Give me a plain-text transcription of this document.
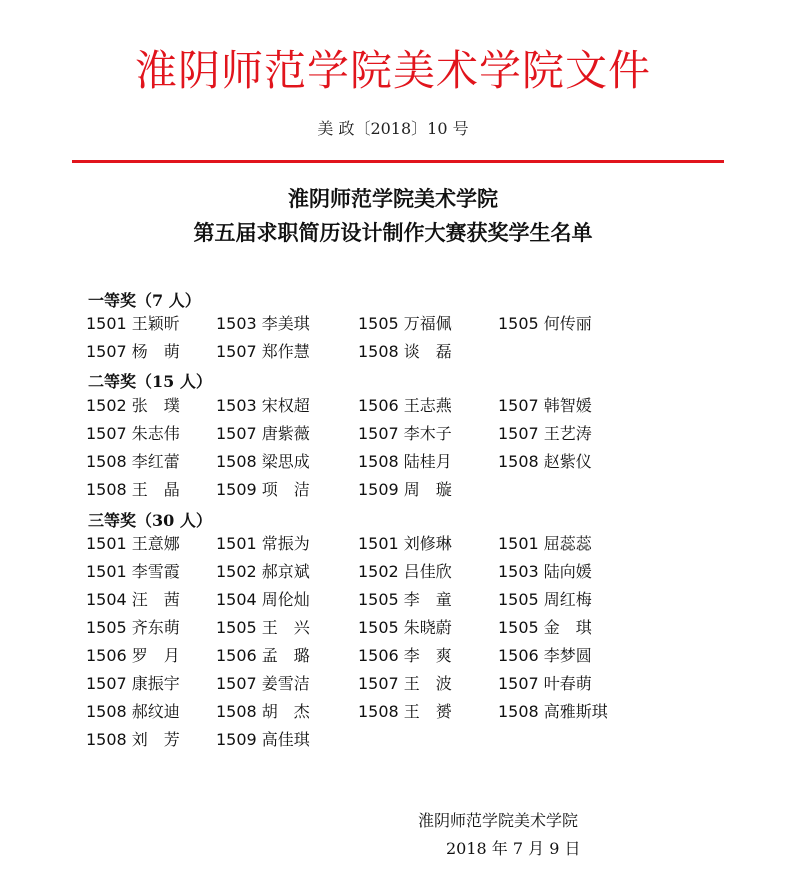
淮阴师范学院美术学院文件
美 政〔2018〕10 号
淮阴师范学院美术学院
第五届求职简历设计制作大赛获奖学生名单
一等奖（7 人）
1501 王颖昕 1503 李美琪	1505 万福佩	1505 何传丽
1507 杨　萌 1507 郑作慧	1508 谈　磊
二等奖（15 人）
1502 张　璞 1503 宋权超	1506 王志燕	1507 韩智媛
1507 朱志伟 1507 唐紫薇	1507 李木子	1507 王艺涛
1508 李红蕾 1508 梁思成	1508 陆桂月	1508 赵紫仪
1508 王　晶 1509 项　洁	1509 周　璇
三等奖（30 人）
1501 王意娜 1501 常振为	1501 刘修琳	1501 屈蕊蕊
1501 李雪霞 1502 郝京斌	1502 吕佳欣	1503 陆向媛
1504 汪　茜 1504 周伦灿	1505 李　童	1505 周红梅
1505 齐东萌 1505 王　兴	1505 朱晓蔚	1505 金　琪
1506 罗　月 1506 孟　璐	1506 李　爽	1506 李梦圆
1507 康振宇 1507 姜雪洁	1507 王　波	1507 叶春萌
1508 郝纹迪 1508 胡　杰	1508 王　赟	1508 高雅斯琪
1508 刘　芳 1509 高佳琪
淮阴师范学院美术学院
2018 年 7 月 9 日
